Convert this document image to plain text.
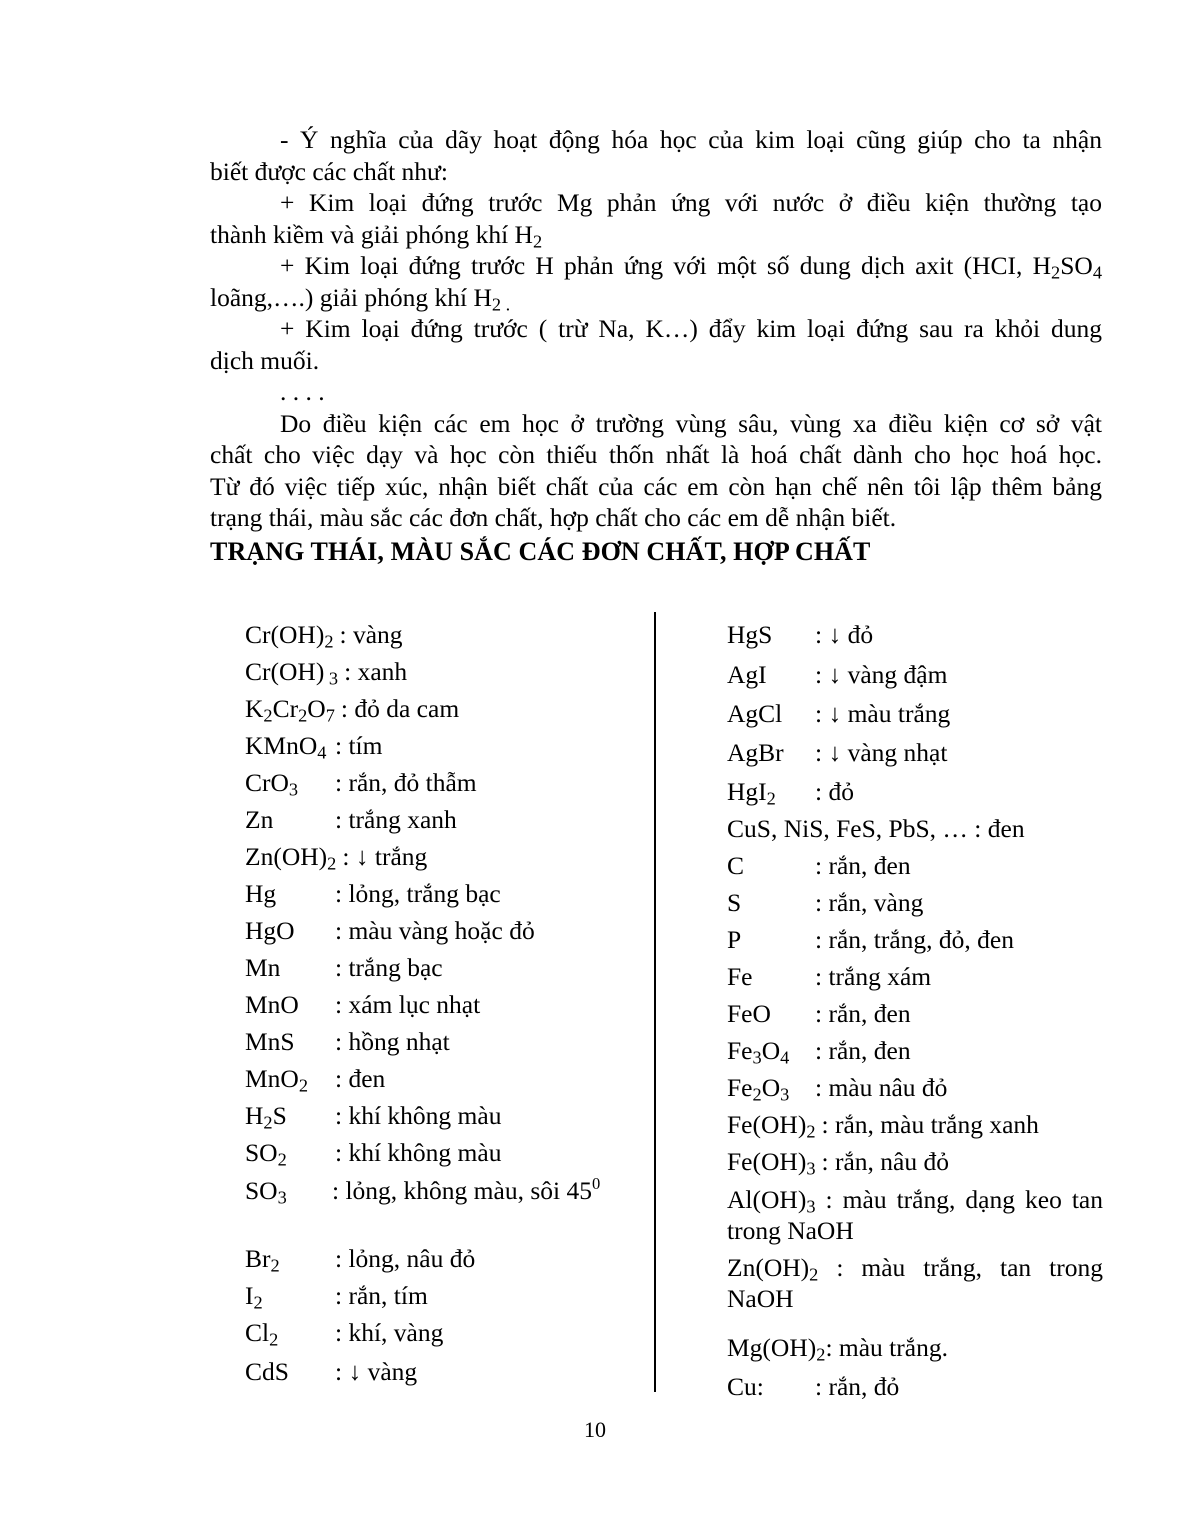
- Ý nghĩa của dãy hoạt động hóa học của kim loại cũng giúp cho ta nhận
biết được các chất như:
+ Kim loại đứng trước Mg phản ứng với nước ở điều kiện thường tạo
thành kiềm và giải phóng khí $H_2$
+ Kim loại đứng trước H phản ứng với một số dung dịch axit (HCI, $H_2SO_4$
loãng,….) giải phóng khí $H_{2 .}$
+ Kim loại đứng trước ( trừ Na, K…) đẩy kim loại đứng sau ra khỏi dung
dịch muối.
. . . .
Do điều kiện các em học ở trường vùng sâu, vùng xa điều kiện cơ sở vật
chất cho việc dạy và học còn thiếu thốn nhất là hoá chất dành cho học hoá học.
Từ đó việc tiếp xúc, nhận biết chất của các em còn hạn chế nên tôi lập thêm bảng
trạng thái, màu sắc các đơn chất, hợp chất cho các em dễ nhận biết.
TRẠNG THÁI, MÀU SẮC CÁC ĐƠN CHẤT, HỢP CHẤT
$Cr(OH)_2$ : vàng
Cr(OH) $_3$ : xanh
$K_2Cr_2O_7$ : đỏ da cam
KMnO$_4$ : tím
CrO$_3$ : rắn, đỏ thẫm
Zn : trắng xanh
$Zn(OH)_2$ : ↓ trắng
Hg : lỏng, trắng bạc
HgO : màu vàng hoặc đỏ
Mn : trắng bạc
MnO : xám lục nhạt
MnS : hồng nhạt
MnO$_2$ : đen
$H_2S$ : khí không màu
$SO_2$ : khí không màu
$SO_3$ : lỏng, không màu, sôi $45^0$
$Br_2$ : lỏng, nâu đỏ
$I_2$	: rắn, tím
$Cl_2$ : khí, vàng
CdS : ↓ vàng
HgS : ↓ đỏ
AgI : ↓ vàng đậm
AgCl : ↓ màu trắng
AgBr : ↓ vàng nhạt
HgI$_2$ : đỏ
CuS, NiS, FeS, PbS, … : đen
C	: rắn, đen
S	: rắn, vàng
P	: rắn, trắng, đỏ, đen
Fe : trắng xám
FeO : rắn, đen
$Fe_3O_4$ : rắn, đen
$Fe_2O_3$ : màu nâu đỏ
$Fe(OH)_2$ : rắn, màu trắng xanh
$Fe(OH)_3$ : rắn, nâu đỏ
$Al(OH)_3$ : màu trắng, dạng keo tan trong NaOH
$Zn(OH)_2$ : màu trắng, tan trong NaOH
$Mg(OH)_2$: màu trắng.
Cu: : rắn, đỏ
10
